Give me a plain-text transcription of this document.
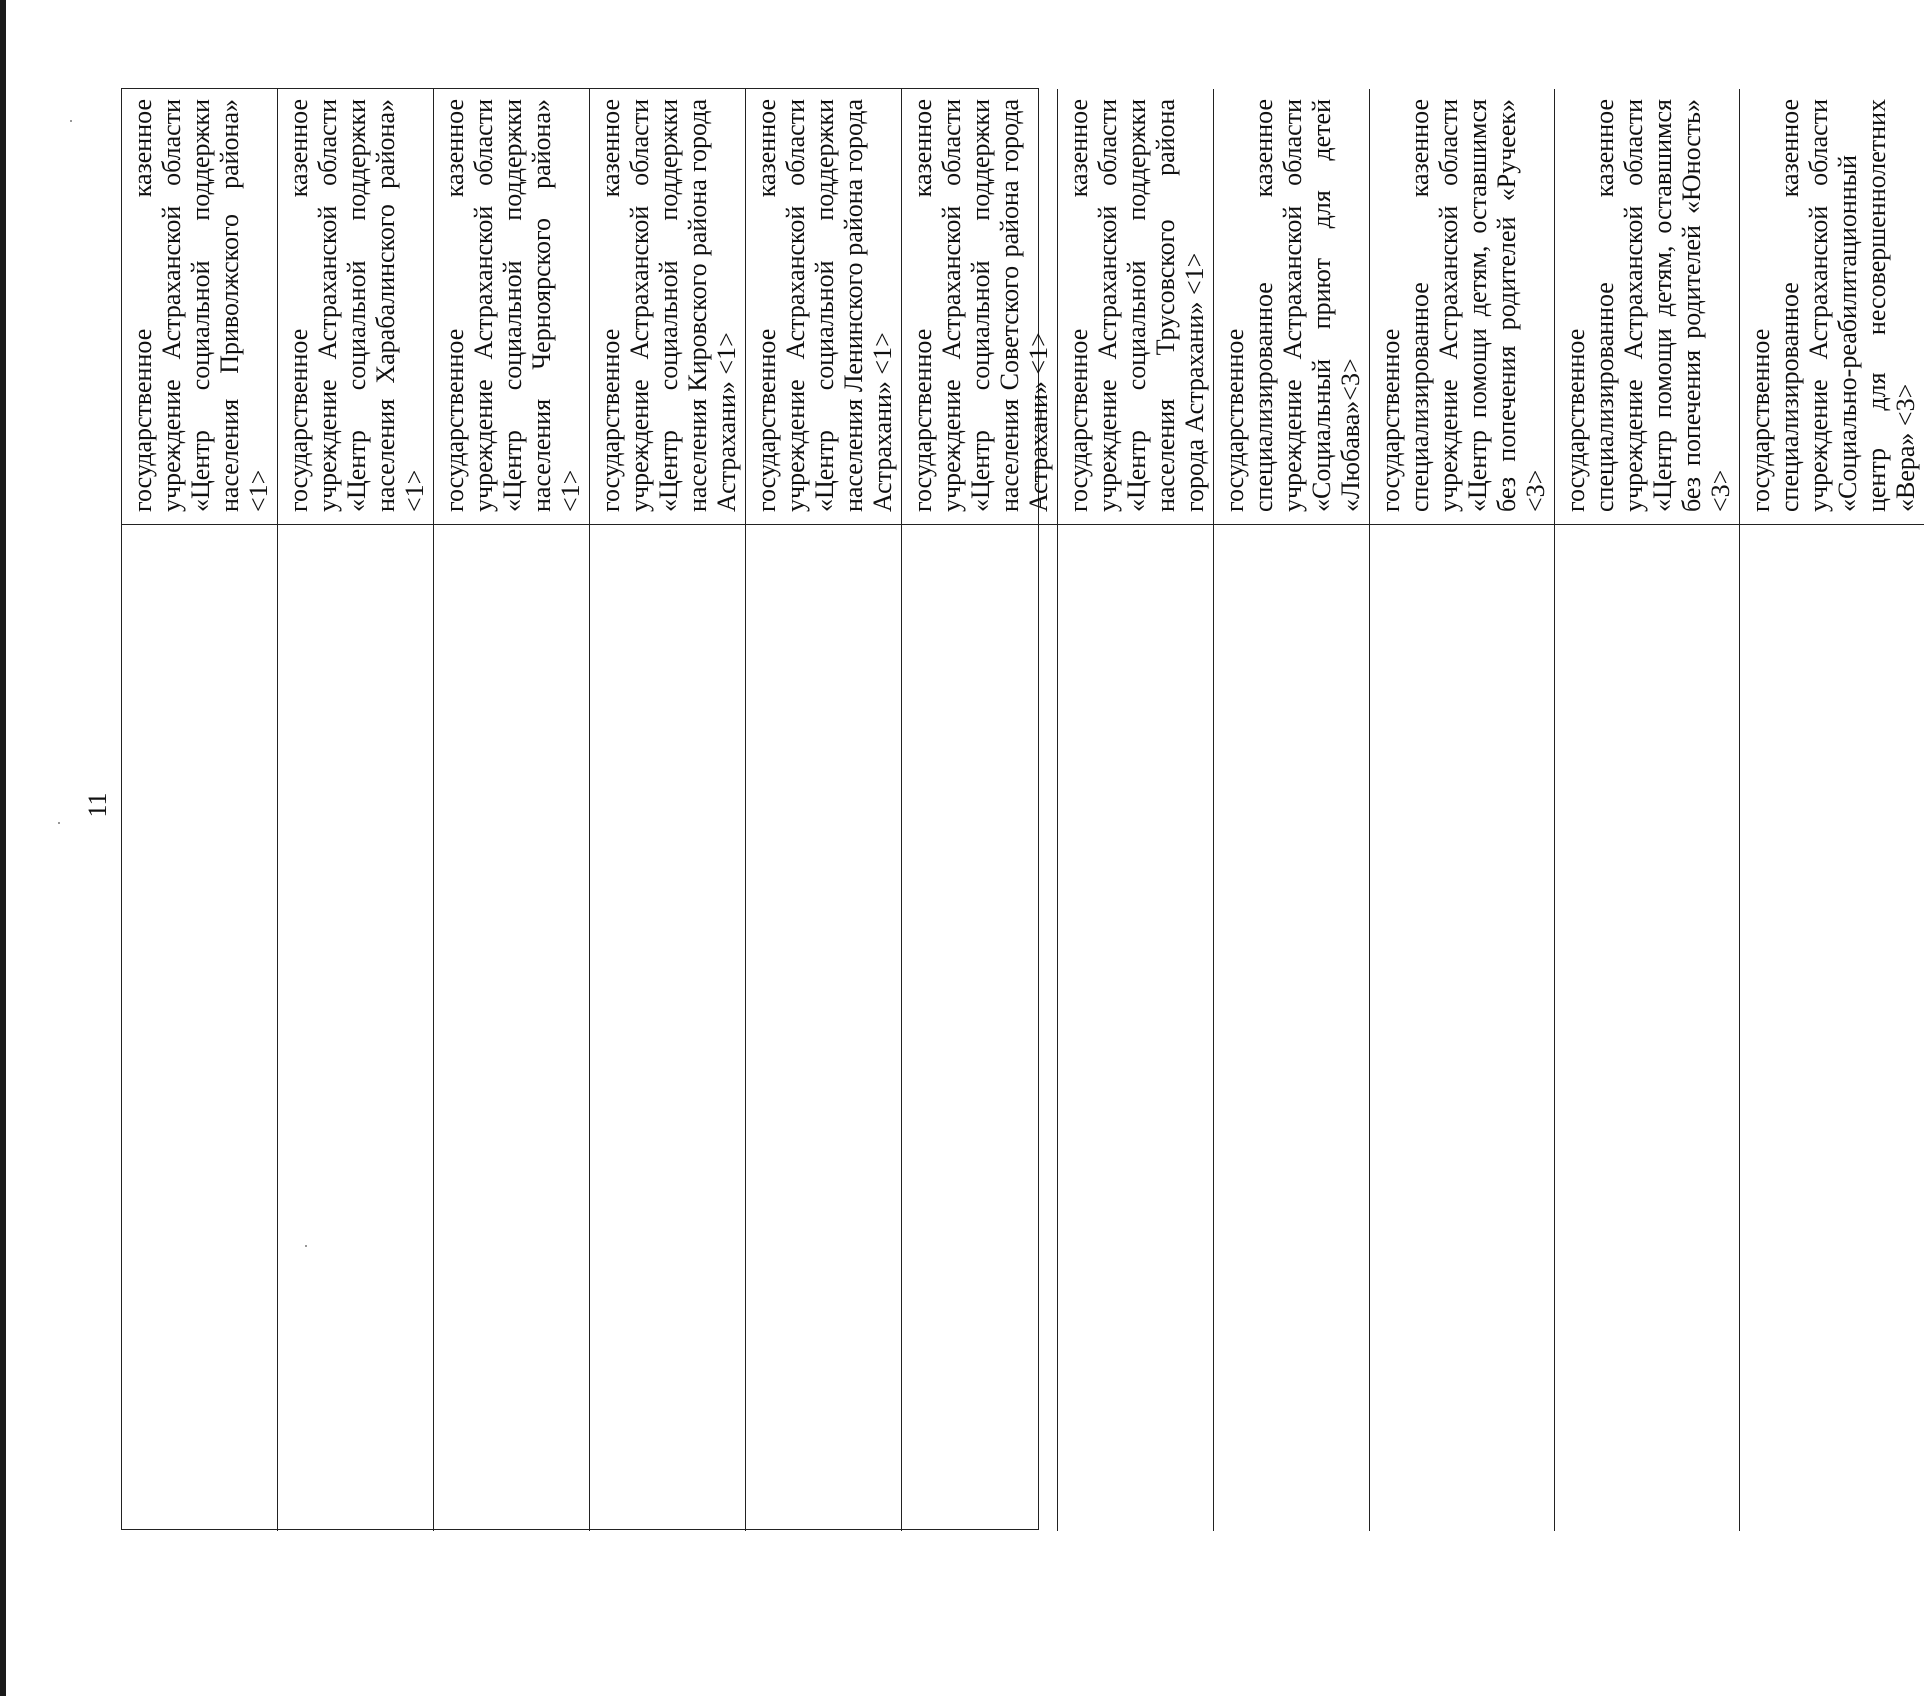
11
государственное казенное учреждение Астраханской области «Центр социальной поддержки населения Приволжского района» <1> государственное казенное учреждение Астраханской области «Центр социальной поддержки населения Харабалинского района» <1> государственное казенное учреждение Астраханской области «Центр социальной поддержки населения Черноярского района» <1> государственное казенное учреждение Астраханской области «Центр социальной поддержки населения Кировского района города Астрахани» <1> государственное казенное учреждение Астраханской области «Центр социальной поддержки населения Ленинского района города Астрахани» <1> государственное казенное учреждение Астраханской области «Центр социальной поддержки населения Советского района города Астрахани» <1> государственное казенное учреждение Астраханской области «Центр социальной поддержки населения Трусовского района города Астрахани» <1> государственное специализированное казенное учреждение Астраханской области «Социальный приют для детей «Любава»<3> государственное специализированное казенное учреждение Астраханской области «Центр помощи детям, оставшимся без попечения родителей «Ручеек» <3> государственное специализированное казенное учреждение Астраханской области «Центр помощи детям, оставшимся без попечения родителей «Юность» <3> государственное специализированное казенное учреждение Астраханской области «Социально-реабилитационный центр для несовершеннолетних «Вера» <3>
